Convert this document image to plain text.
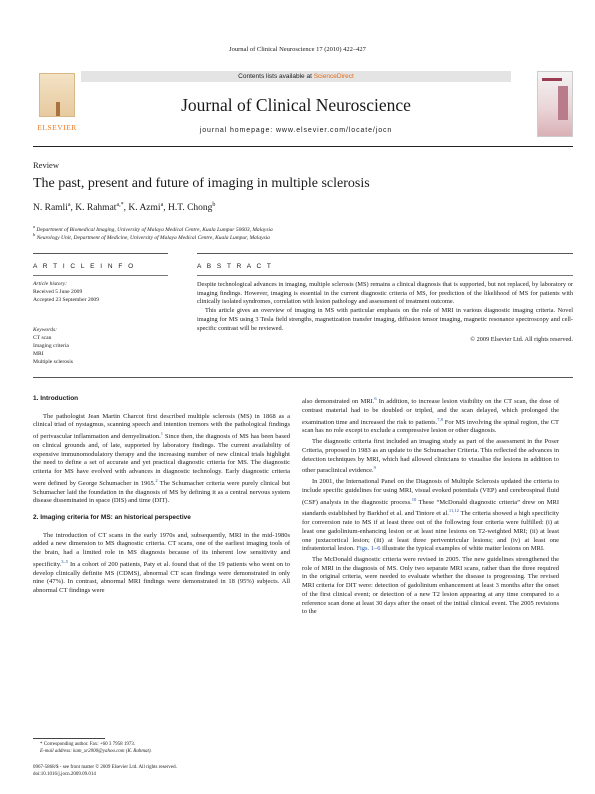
Journal of Clinical Neuroscience 17 (2010) 422–427
ELSEVIER
Contents lists available at ScienceDirect
Journal of Clinical Neuroscience
journal homepage: www.elsevier.com/locate/jocn
Review
The past, present and future of imaging in multiple sclerosis
N. Ramli$^a$, K. Rahmat$^{a,*}$, K. Azmi$^a$, H.T. Chong$^b$
$^a$ Department of Biomedical Imaging, University of Malaya Medical Centre, Kuala Lumpur 50603, Malaysia
$^b$ Neurology Unit, Department of Medicine, University of Malaya Medical Centre, Kuala Lumpur, Malaysia
A R T I C L E I N F O	A B S T R A C T
Article history:
Received 5 June 2009
Accepted 23 September 2009
Keywords:
CT scan
Imaging criteria
MRI
Multiple sclerosis

Despite technological advances in imaging, multiple sclerosis (MS) remains a clinical diagnosis that is supported, but not replaced, by laboratory or imaging findings. However, imaging is essential in the current diagnostic criteria of MS, for prediction of the likelihood of MS for patients with clinically isolated syndromes, correlation with lesion pathology and assessment of treatment outcome.

This article gives an overview of imaging in MS with particular emphasis on the role of MRI in various diagnostic imaging criteria. Novel imaging for MS using 3 Tesla field strengths, magnetization transfer imaging, diffusion tensor imaging, magnetic resonance spectroscopy and cell-specific contrast will be reviewed.

© 2009 Elsevier Ltd. All rights reserved.

1. Introduction

The pathologist Jean Martin Charcot first described multiple sclerosis (MS) in 1868 as a clinical triad of nystagmus, scanning speech and intention tremors with the pathological findings of perivascular inflammation and demyelination.$^1$ Since then, the diagnosis of MS has been based on clinical grounds and, of late, supported by laboratory findings. The current availability of expensive immunomodulatory therapy and the increasing number of new clinical trials highlight the need to define a set of accurate and yet practical diagnostic criteria for MS. The diagnostic criteria for MS have evolved with advances in diagnostic technology. Early diagnostic criteria were defined by George Schumacher in 1965.$^2$ The Schumacher criteria were purely clinical but Schumacher laid the foundation in the diagnosis of MS by defining it as a central nervous system disease disseminated in space (DIS) and time (DIT).

2. Imaging criteria for MS: an historical perspective

The introduction of CT scans in the early 1970s and, subsequently, MRI in the mid-1980s added a new dimension to MS diagnostic criteria. CT scans, one of the earliest imaging tools of the brain, had a limited role in MS diagnosis because of its inherent low sensitivity and specificity.$^{3-5}$ In a cohort of 200 patients, Paty et al. found that of the 19 patients who went on to develop clinically definite MS (CDMS), abnormal CT scan findings were demonstrated in only nine (47%). In contrast, abnormal MRI findings were demonstrated in 18 (95%) subjects. All abnormal CT findings were

also demonstrated on MRI.$^6$ In addition, to increase lesion visibility on the CT scan, the dose of contrast material had to be doubled or tripled, and the scan delayed, which prolonged the examination time and increased the risk to patients.$^{7,8}$ For MS involving the spinal region, the CT scan has no role except to exclude a compressive lesion or other diagnosis.

The diagnostic criteria first included an imaging study as part of the assessment in the Poser Criteria, proposed in 1983 as an update to the Schumacher Criteria. This reflected the advances in detection techniques by MRI, which had allowed clinicians to visualise the lesions in addition to other paraclinical evidence.$^9$

In 2001, the International Panel on the Diagnosis of Multiple Sclerosis updated the criteria to include specific guidelines for using MRI, visual evoked potentials (VEP) and cerebrospinal fluid (CSF) analysis in the diagnostic process.$^{10}$ These “McDonald diagnostic criteria” drew on MRI standards established by Barkhof et al. and Tintore et al.$^{11,12}$ The criteria showed a high specificity for conversion rate to MS if at least three out of the following four criteria were fulfilled: (i) at least one gadolinium-enhancing lesion or at least nine lesions on T2-weighted MRI; (ii) at least one juxtacortical lesion; (iii) at least three periventricular lesions; and (iv) at least one infratentorial lesion. Figs. 1–6 illustrate the typical examples of white matter lesions on MRI.

The McDonald diagnostic criteria were revised in 2005. The new guidelines strengthened the role of MRI in the diagnosis of MS. Only two separate MRI scans, rather than the three required in the original criteria, were needed to evaluate whether the disease is progressing. The revised MRI criteria for DIT were: detection of gadolinium enhancement at least 3 months after the onset of the first clinical event; or detection of a new T2 lesion appearing at any time compared to a reference scan done at least 30 days after the onset of the initial clinical event. The 2005 revisions to the

* Corresponding author. Fax: +60 3 7958 1973.
E-mail address: kam_xr2000@yahoo.com (K. Rahmat).
0967-5868/$ - see front matter © 2009 Elsevier Ltd. All rights reserved.
doi:10.1016/j.jocn.2009.09.014
